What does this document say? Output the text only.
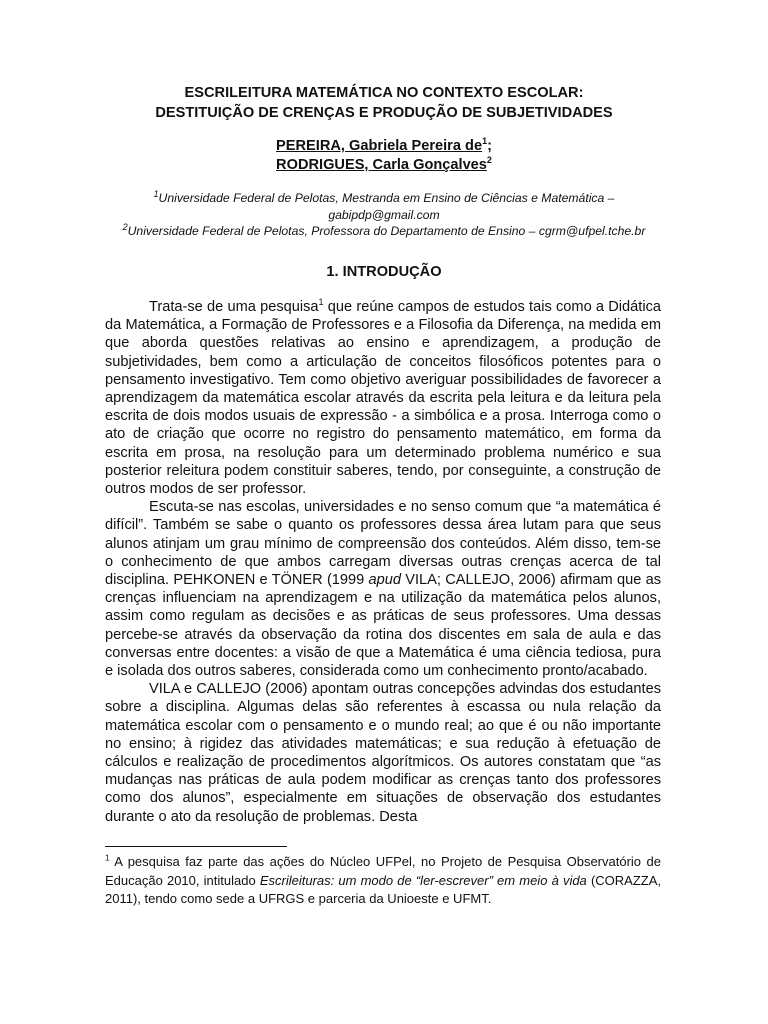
ESCRILEITURA MATEMÁTICA NO CONTEXTO ESCOLAR:
DESTITUIÇÃO DE CRENÇAS E PRODUÇÃO DE SUBJETIVIDADES
PEREIRA, Gabriela Pereira $de^1$;
RODRIGUES, Carla Gonçalves$^2$
$^1$Universidade Federal de Pelotas, Mestranda em Ensino de Ciências e Matemática –
gabipdp@gmail.com
$^2$Universidade Federal de Pelotas, Professora do Departamento de Ensino – cgrm@ufpel.tche.br
1. INTRODUÇÃO

Trata-se de uma pesquisa$^1$ que reúne campos de estudos tais como a Didática da Matemática, a Formação de Professores e a Filosofia da Diferença, na medida em que aborda questões relativas ao ensino e aprendizagem, a produção de subjetividades, bem como a articulação de conceitos filosóficos potentes para o pensamento investigativo. Tem como objetivo averiguar possibilidades de favorecer a aprendizagem da matemática escolar através da escrita pela leitura e da leitura pela escrita de dois modos usuais de expressão - a simbólica e a prosa. Interroga como o ato de criação que ocorre no registro do pensamento matemático, em forma da escrita em prosa, na resolução para um determinado problema numérico e sua posterior releitura podem constituir saberes, tendo, por conseguinte, a construção de outros modos de ser professor.

Escuta-se nas escolas, universidades e no senso comum que “a matemática é difícil”. Também se sabe o quanto os professores dessa área lutam para que seus alunos atinjam um grau mínimo de compreensão dos conteúdos. Além disso, tem-se o conhecimento de que ambos carregam diversas outras crenças acerca de tal disciplina. PEHKONEN e TÖNER (1999 apud VILA; CALLEJO, 2006) afirmam que as crenças influenciam na aprendizagem e na utilização da matemática pelos alunos, assim como regulam as decisões e as práticas de seus professores. Uma dessas percebe-se através da observação da rotina dos discentes em sala de aula e das conversas entre docentes: a visão de que a Matemática é uma ciência tediosa, pura e isolada dos outros saberes, considerada como um conhecimento pronto/acabado.

VILA e CALLEJO (2006) apontam outras concepções advindas dos estudantes sobre a disciplina. Algumas delas são referentes à escassa ou nula relação da matemática escolar com o pensamento e o mundo real; ao que é ou não importante no ensino; à rigidez das atividades matemáticas; e sua redução à efetuação de cálculos e realização de procedimentos algorítmicos. Os autores constatam que “as mudanças nas práticas de aula podem modificar as crenças tanto dos professores como dos alunos”, especialmente em situações de observação dos estudantes durante o ato da resolução de problemas. Desta

$^1$ A pesquisa faz parte das ações do Núcleo UFPel, no Projeto de Pesquisa Observatório de Educação 2010, intitulado Escrileituras: um modo de “ler-escrever” em meio à vida (CORAZZA, 2011), tendo como sede a UFRGS e parceria da Unioeste e UFMT.
